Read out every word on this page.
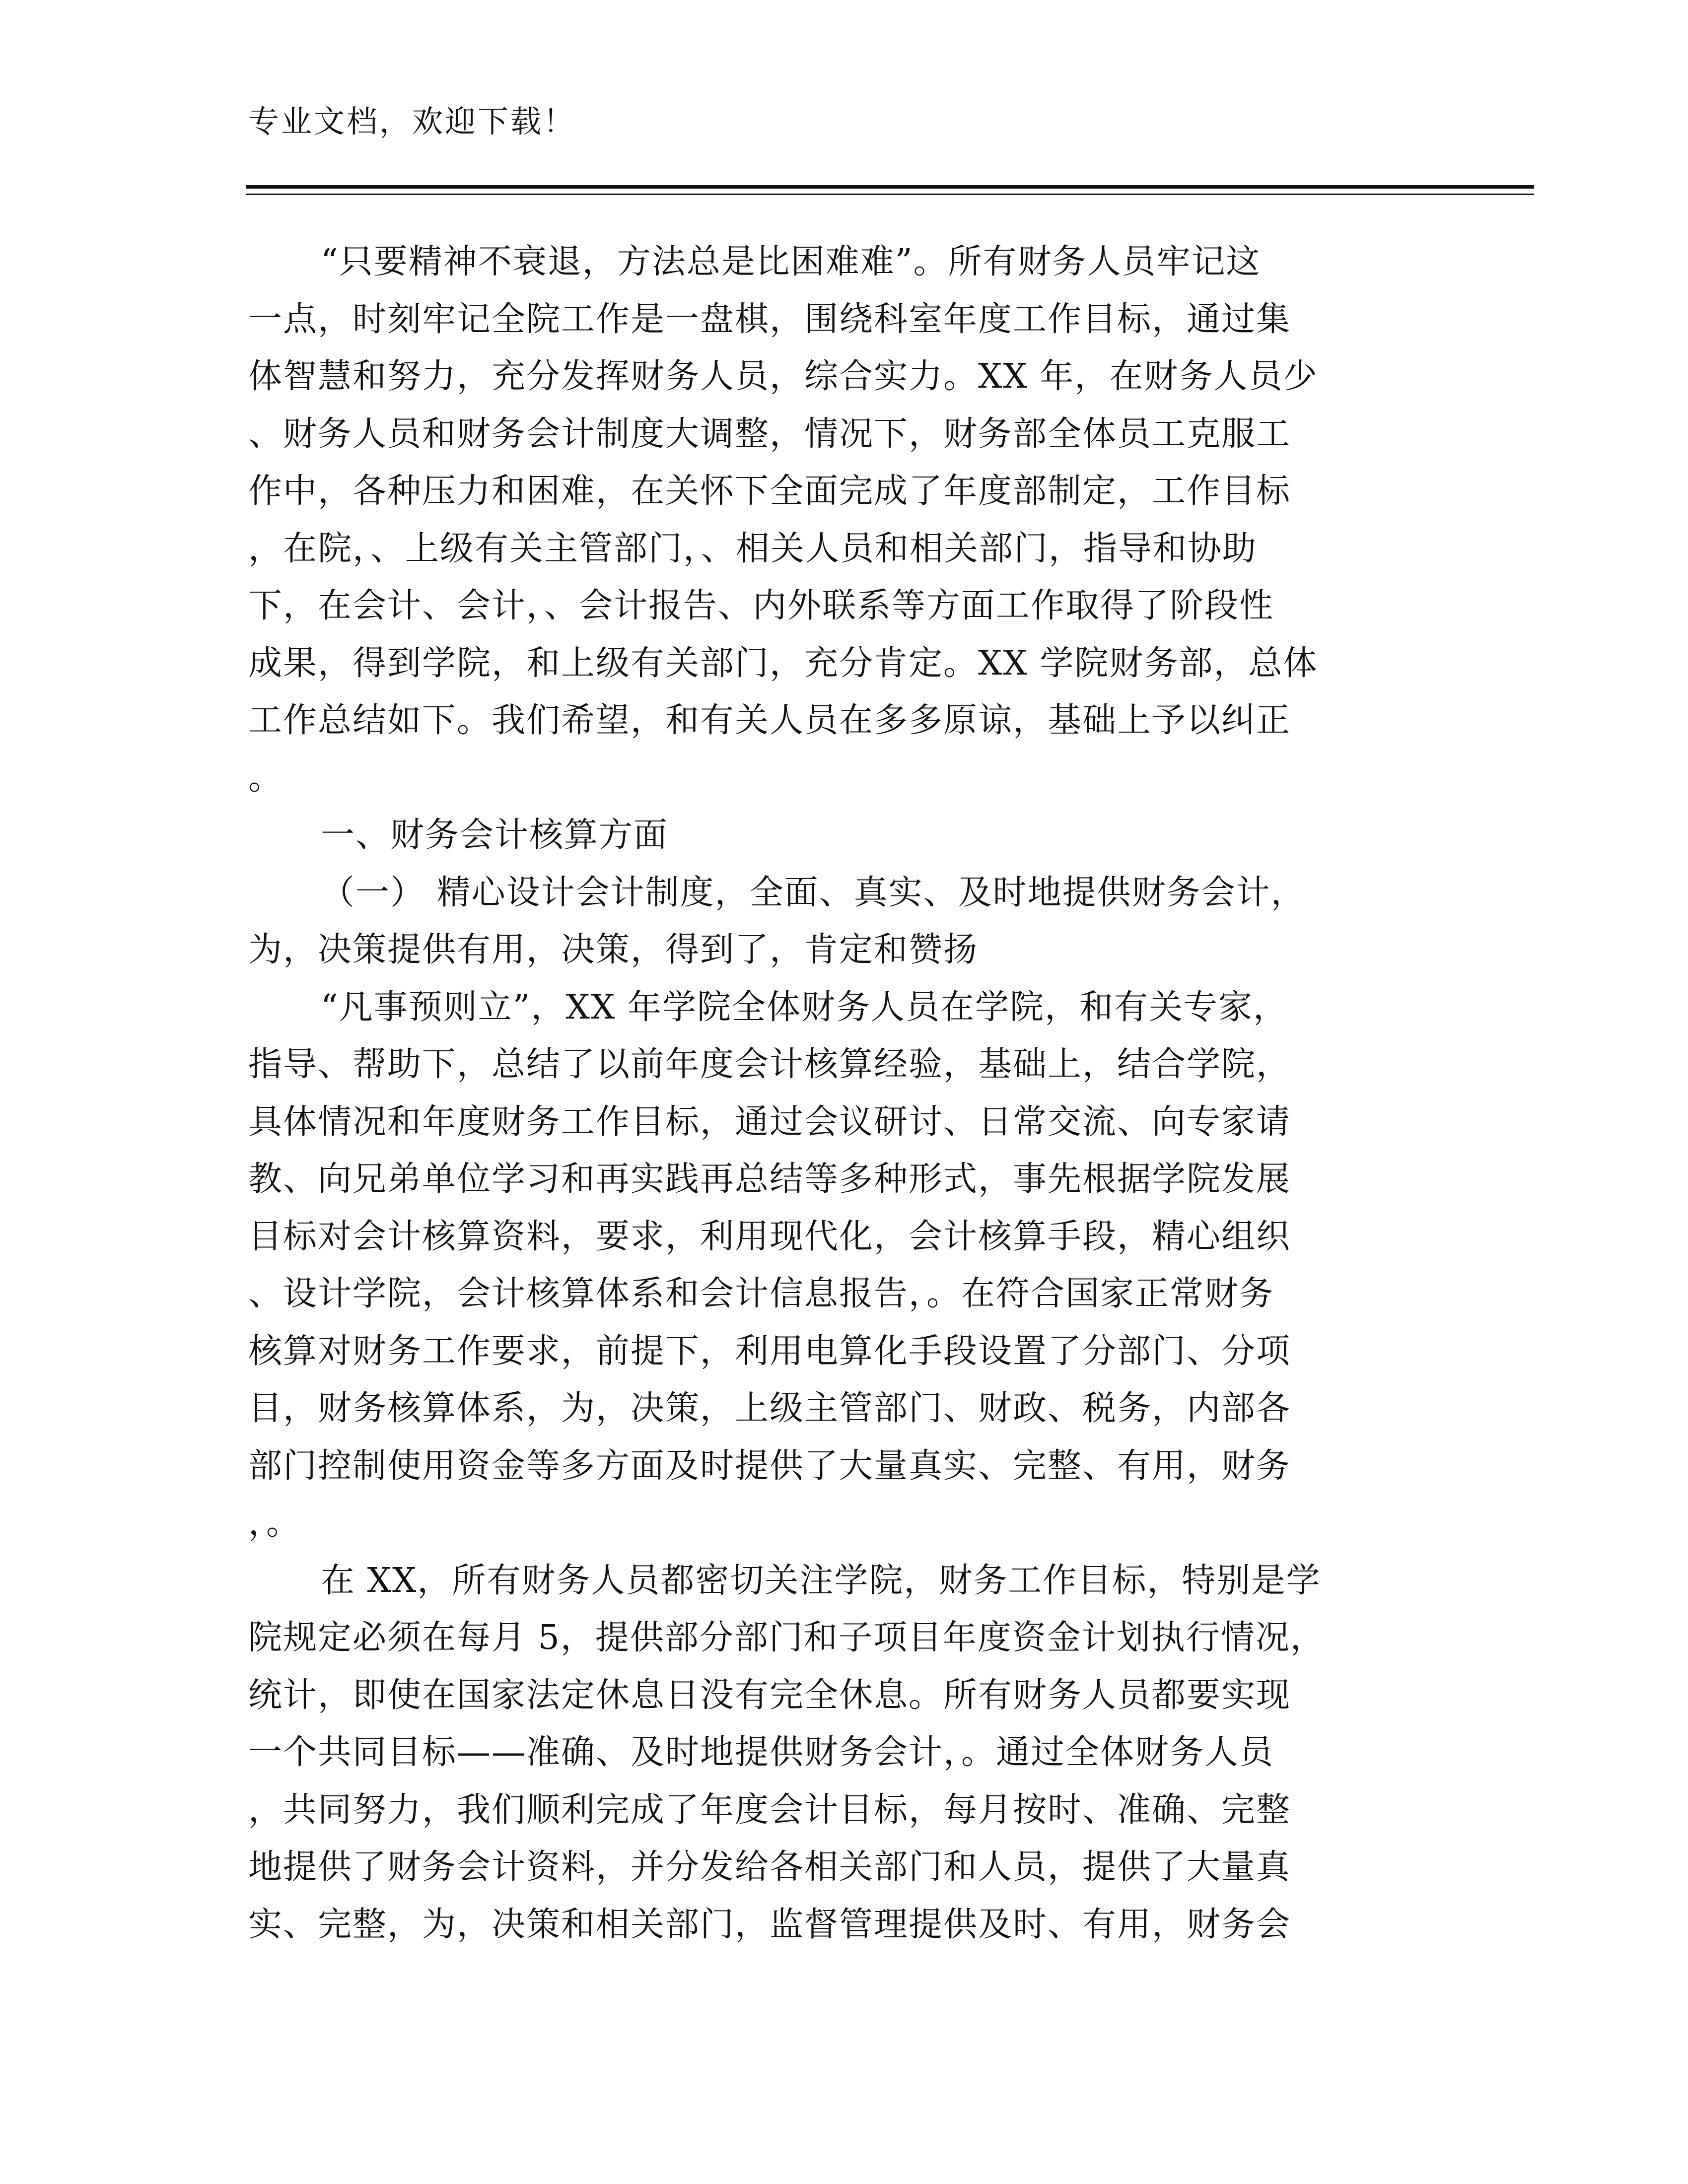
专业文档，欢迎下载！
“只要精神不衰退，方法总是比困难难”。所有财务人员牢记这
一点，时刻牢记全院工作是一盘棋，围绕科室年度工作目标，通过集
体智慧和努力，充分发挥财务人员，综合实力。XX 年，在财务人员少
、财务人员和财务会计制度大调整，情况下，财务部全体员工克服工
作中，各种压力和困难，在关怀下全面完成了年度部制定，工作目标
，在院，、上级有关主管部门，、相关人员和相关部门，指导和协助
下，在会计、会计，、会计报告、内外联系等方面工作取得了阶段性
成果，得到学院，和上级有关部门，充分肯定。XX 学院财务部，总体
工作总结如下。我们希望，和有关人员在多多原谅，基础上予以纠正
。
一、财务会计核算方面
（一） 精心设计会计制度，全面、真实、及时地提供财务会计，
为，决策提供有用，决策，得到了，肯定和赞扬
“凡事预则立”，XX 年学院全体财务人员在学院，和有关专家，
指导、帮助下，总结了以前年度会计核算经验，基础上，结合学院，
具体情况和年度财务工作目标，通过会议研讨、日常交流、向专家请
教、向兄弟单位学习和再实践再总结等多种形式，事先根据学院发展
目标对会计核算资料，要求，利用现代化，会计核算手段，精心组织
、设计学院，会计核算体系和会计信息报告，。在符合国家正常财务
核算对财务工作要求，前提下，利用电算化手段设置了分部门、分项
目，财务核算体系，为，决策，上级主管部门、财政、税务，内部各
部门控制使用资金等多方面及时提供了大量真实、完整、有用，财务
，。
在 XX，所有财务人员都密切关注学院，财务工作目标，特别是学
院规定必须在每月 5，提供部分部门和子项目年度资金计划执行情况，
统计，即使在国家法定休息日没有完全休息。所有财务人员都要实现
一个共同目标——准确、及时地提供财务会计，。通过全体财务人员
，共同努力，我们顺利完成了年度会计目标，每月按时、准确、完整
地提供了财务会计资料，并分发给各相关部门和人员，提供了大量真
实、完整，为，决策和相关部门，监督管理提供及时、有用，财务会
